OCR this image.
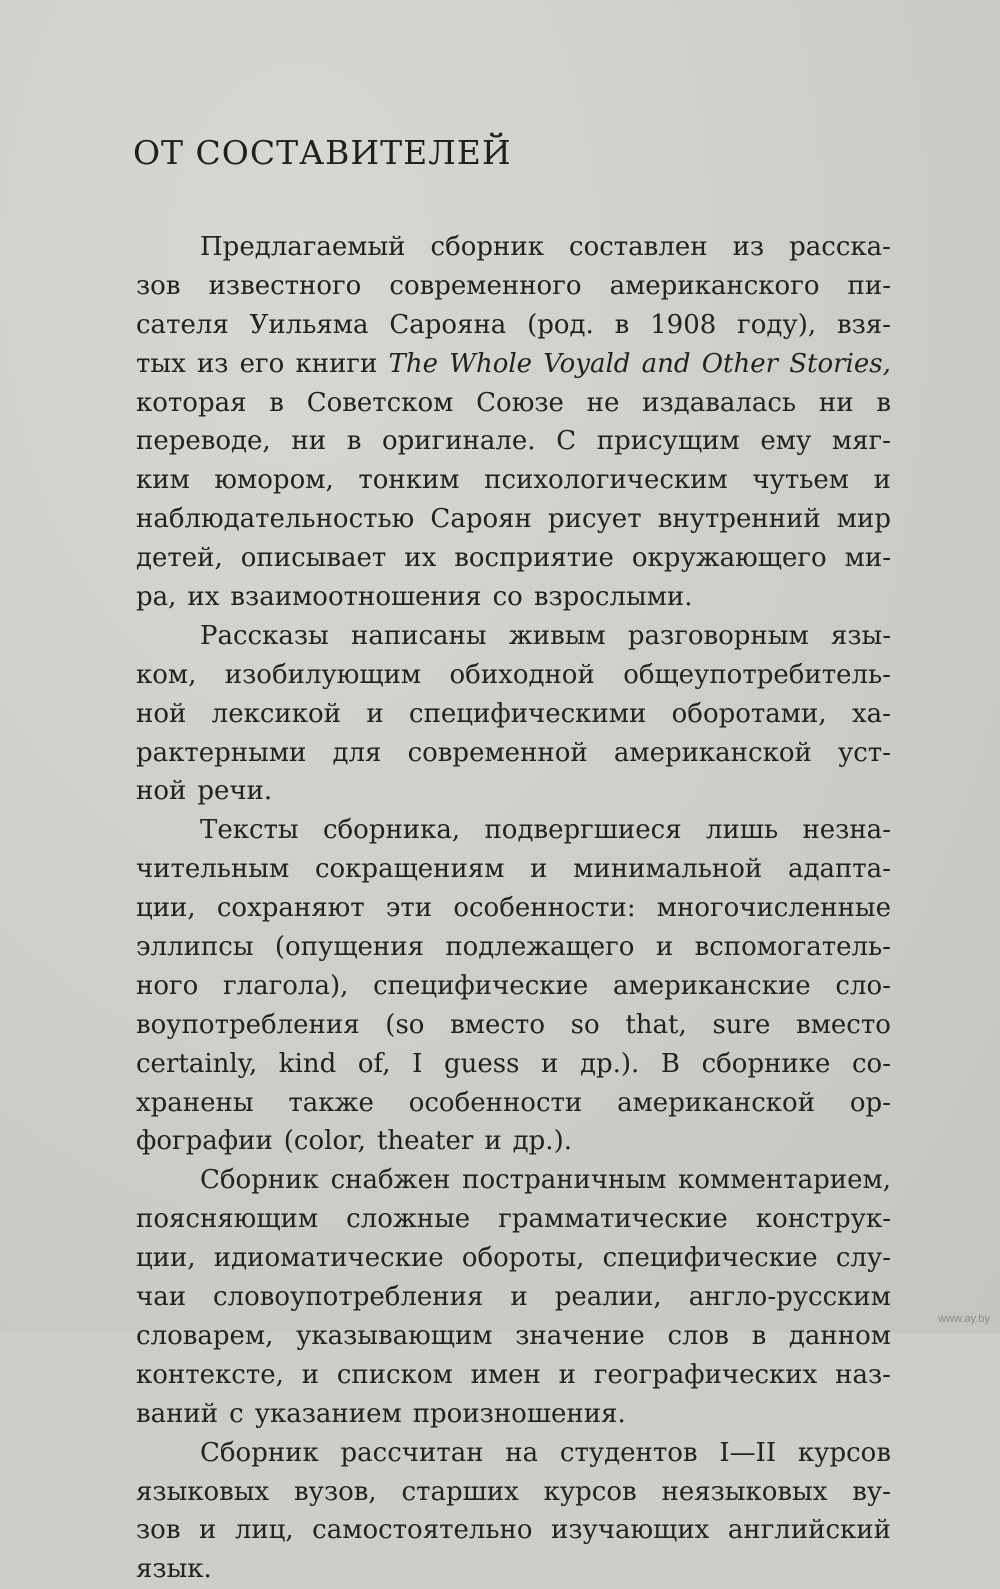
ОТ СОСТАВИТЕЛЕЙ
Предлагаемый сборник составлен из расска-
зов известного современного американского пи-
сателя Уильяма Сарояна (род. в 1908 году), взя-
тых из его книги The Whole Voyald and Other Stories,
которая в Советском Союзе не издавалась ни в
переводе, ни в оригинале. С присущим ему мяг-
ким юмором, тонким психологическим чутьем и
наблюдательностью Сароян рисует внутренний мир
детей, описывает их восприятие окружающего ми-
ра, их взаимоотношения со взрослыми.
Рассказы написаны живым разговорным язы-
ком, изобилующим обиходной общеупотребитель-
ной лексикой и специфическими оборотами, ха-
рактерными для современной американской уст-
ной речи.
Тексты сборника, подвергшиеся лишь незна-
чительным сокращениям и минимальной адапта-
ции, сохраняют эти особенности: многочисленные
эллипсы (опущения подлежащего и вспомогатель-
ного глагола), специфические американские сло-
воупотребления (so вместо so that, sure вместо
certainly, kind of, I guess и др.). В сборнике со-
хранены также особенности американской ор-
фографии (color, theater и др.).
Сборник снабжен постраничным комментарием,
поясняющим сложные грамматические конструк-
ции, идиоматические обороты, специфические слу-
чаи словоупотребления и реалии, англо-русским
словарем, указывающим значение слов в данном
контексте, и списком имен и географических наз-
ваний с указанием произношения.
Сборник рассчитан на студентов I—II курсов
языковых вузов, старших курсов неязыковых ву-
зов и лиц, самостоятельно изучающих английский
язык.
www.ay.by
